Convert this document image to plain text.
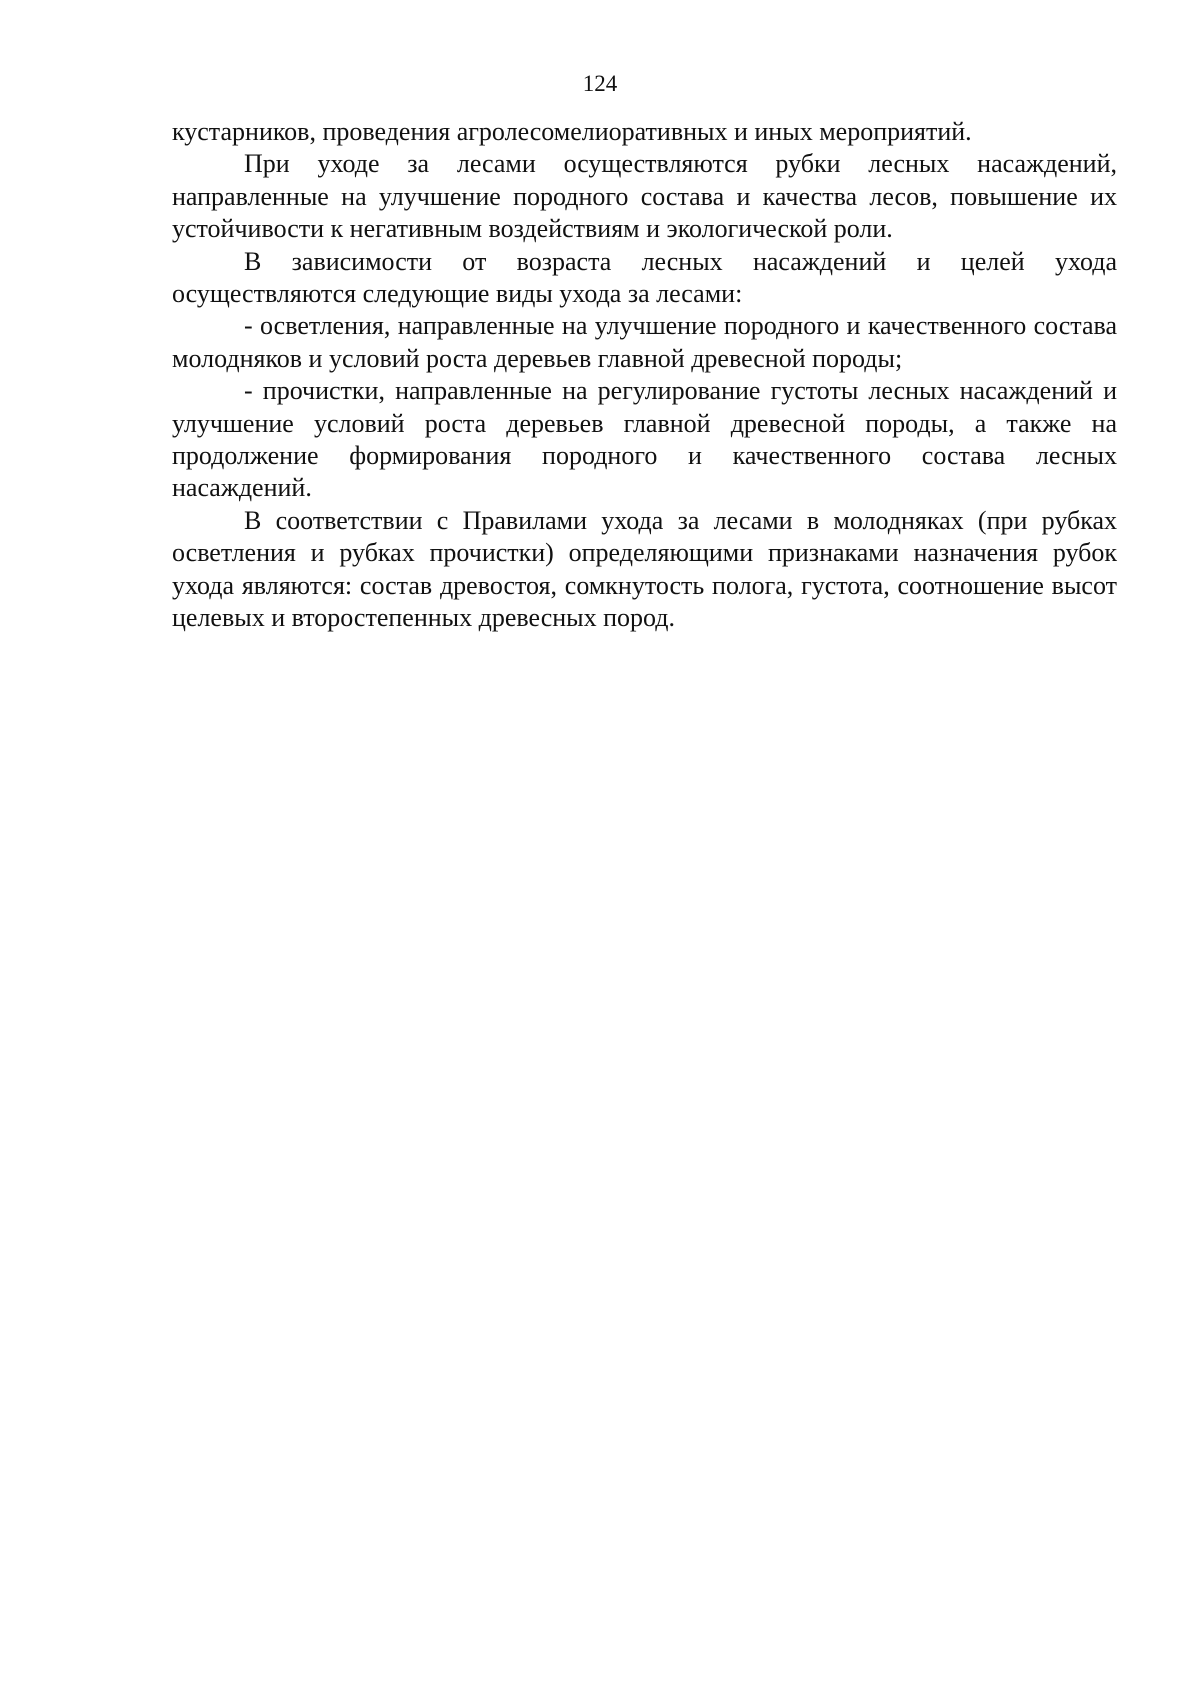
124

кустарников, проведения агролесомелиоративных и иных мероприятий.

При уходе за лесами осуществляются рубки лесных насаждений, направленные на улучшение породного состава и качества лесов, повышение их устойчивости к негативным воздействиям и экологической роли.

В зависимости от возраста лесных насаждений и целей ухода осуществляются следующие виды ухода за лесами:

- осветления, направленные на улучшение породного и качественного состава молодняков и условий роста деревьев главной древесной породы;

- прочистки, направленные на регулирование густоты лесных насаждений и улучшение условий роста деревьев главной древесной породы, а также на продолжение формирования породного и качественного состава лесных насаждений.

В соответствии с Правилами ухода за лесами в молодняках (при рубках осветления и рубках прочистки) определяющими признаками назначения рубок ухода являются: состав древостоя, сомкнутость полога, густота, соотношение высот целевых и второстепенных древесных пород.
